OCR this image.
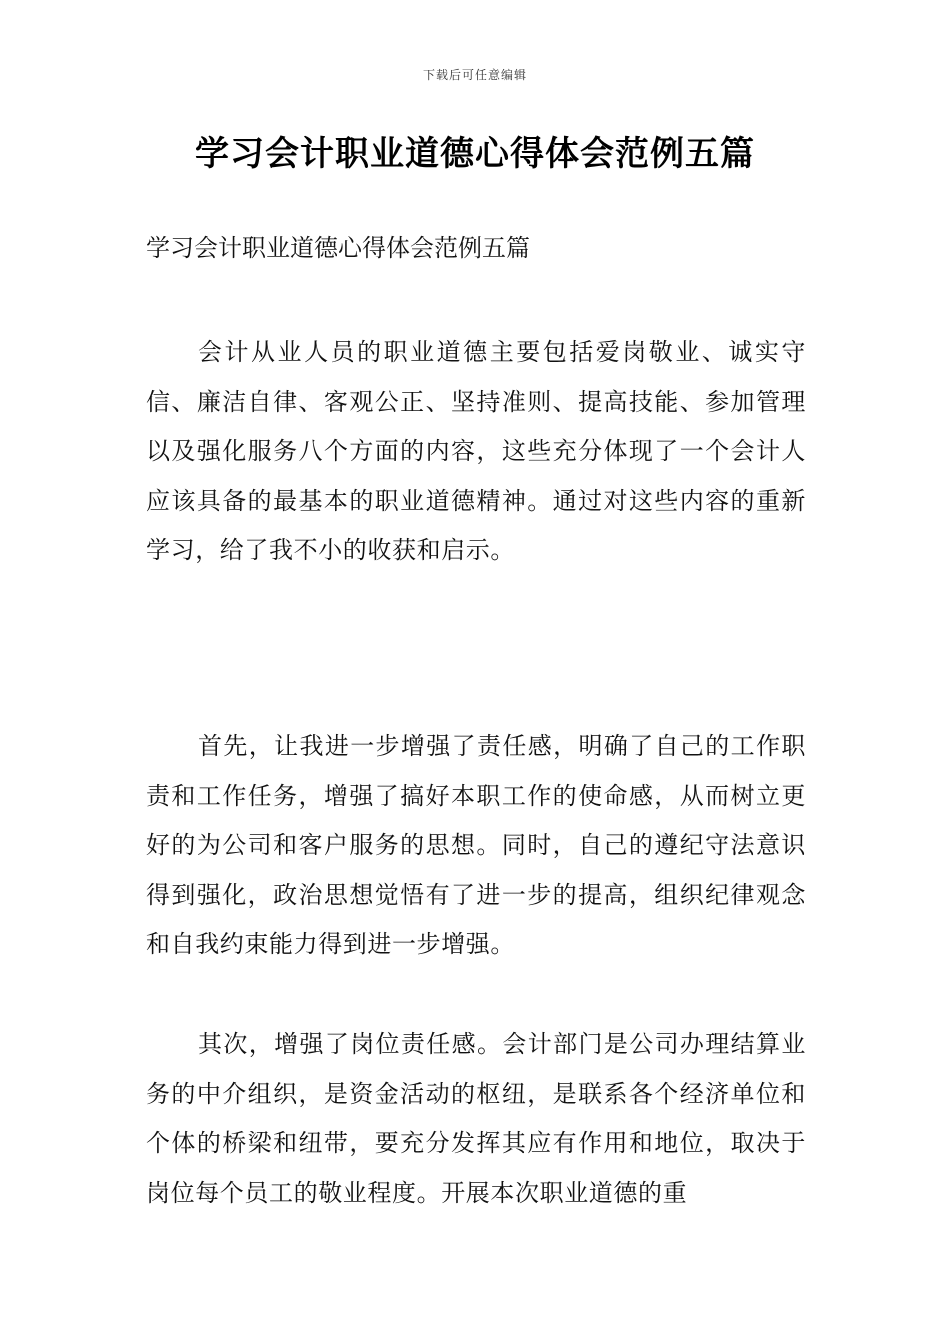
下载后可任意编辑
学习会计职业道德心得体会范例五篇

学习会计职业道德心得体会范例五篇

会计从业人员的职业道德主要包括爱岗敬业、诚实守信、廉洁自律、客观公正、坚持准则、提高技能、参加管理以及强化服务八个方面的内容，这些充分体现了一个会计人应该具备的最基本的职业道德精神。通过对这些内容的重新学习，给了我不小的收获和启示。

首先，让我进一步增强了责任感，明确了自己的工作职责和工作任务，增强了搞好本职工作的使命感，从而树立更好的为公司和客户服务的思想。同时，自己的遵纪守法意识得到强化，政治思想觉悟有了进一步的提高，组织纪律观念和自我约束能力得到进一步增强。

其次，增强了岗位责任感。会计部门是公司办理结算业务的中介组织，是资金活动的枢纽，是联系各个经济单位和个体的桥梁和纽带，要充分发挥其应有作用和地位，取决于岗位每个员工的敬业程度。开展本次职业道德的重
